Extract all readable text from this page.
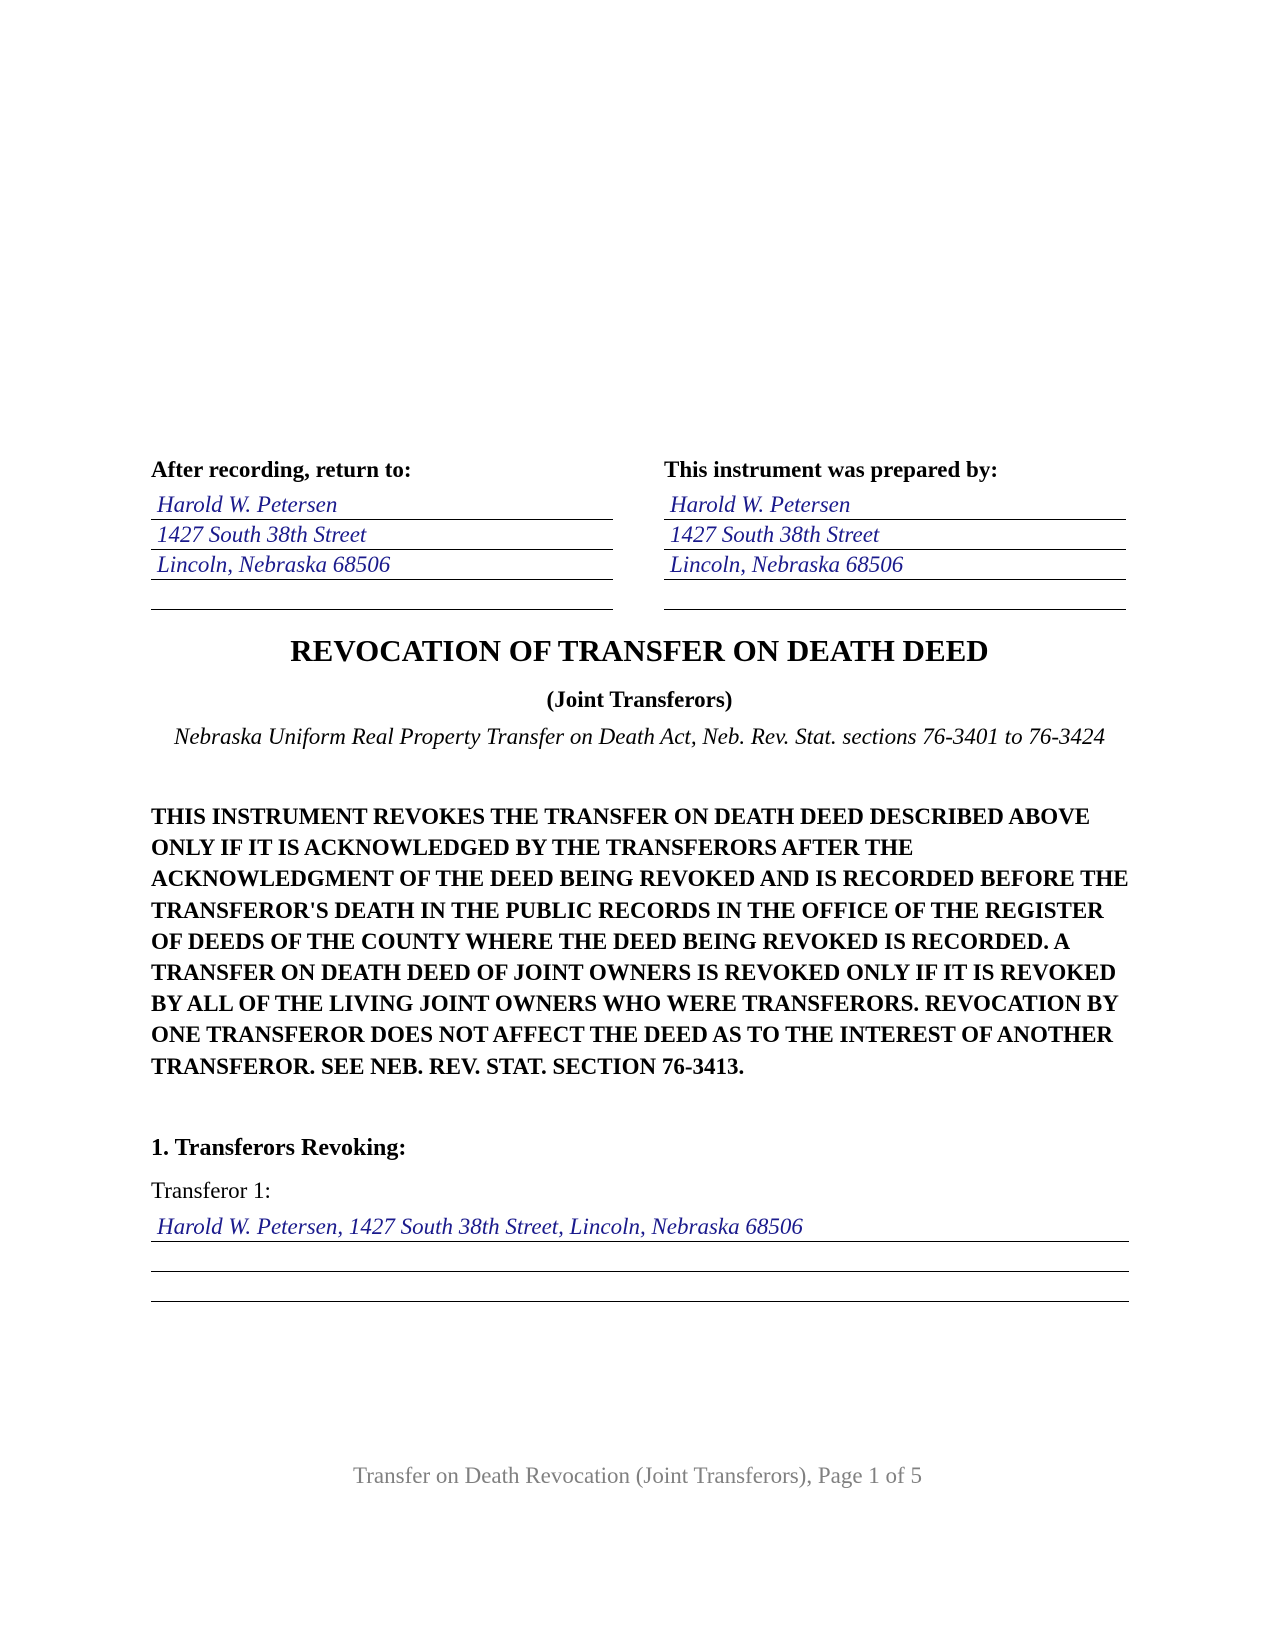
After recording, return to:

Harold W. Petersen
1427 South 38th Street
Lincoln, Nebraska 68506

This instrument was prepared by:

Harold W. Petersen
1427 South 38th Street
Lincoln, Nebraska 68506
REVOCATION OF TRANSFER ON DEATH DEED

(Joint Transferors)

Nebraska Uniform Real Property Transfer on Death Act, Neb. Rev. Stat. sections 76-3401 to 76-3424

THIS INSTRUMENT REVOKES THE TRANSFER ON DEATH DEED DESCRIBED ABOVE ONLY IF IT IS ACKNOWLEDGED BY THE TRANSFERORS AFTER THE ACKNOWLEDGMENT OF THE DEED BEING REVOKED AND IS RECORDED BEFORE THE TRANSFEROR'S DEATH IN THE PUBLIC RECORDS IN THE OFFICE OF THE REGISTER OF DEEDS OF THE COUNTY WHERE THE DEED BEING REVOKED IS RECORDED. A TRANSFER ON DEATH DEED OF JOINT OWNERS IS REVOKED ONLY IF IT IS REVOKED BY ALL OF THE LIVING JOINT OWNERS WHO WERE TRANSFERORS. REVOCATION BY ONE TRANSFEROR DOES NOT AFFECT THE DEED AS TO THE INTEREST OF ANOTHER TRANSFEROR. SEE NEB. REV. STAT. SECTION 76-3413.

1. Transferors Revoking:

Transferor 1:

Harold W. Petersen, 1427 South 38th Street, Lincoln, Nebraska 68506

Transfer on Death Revocation (Joint Transferors), Page 1 of 5
